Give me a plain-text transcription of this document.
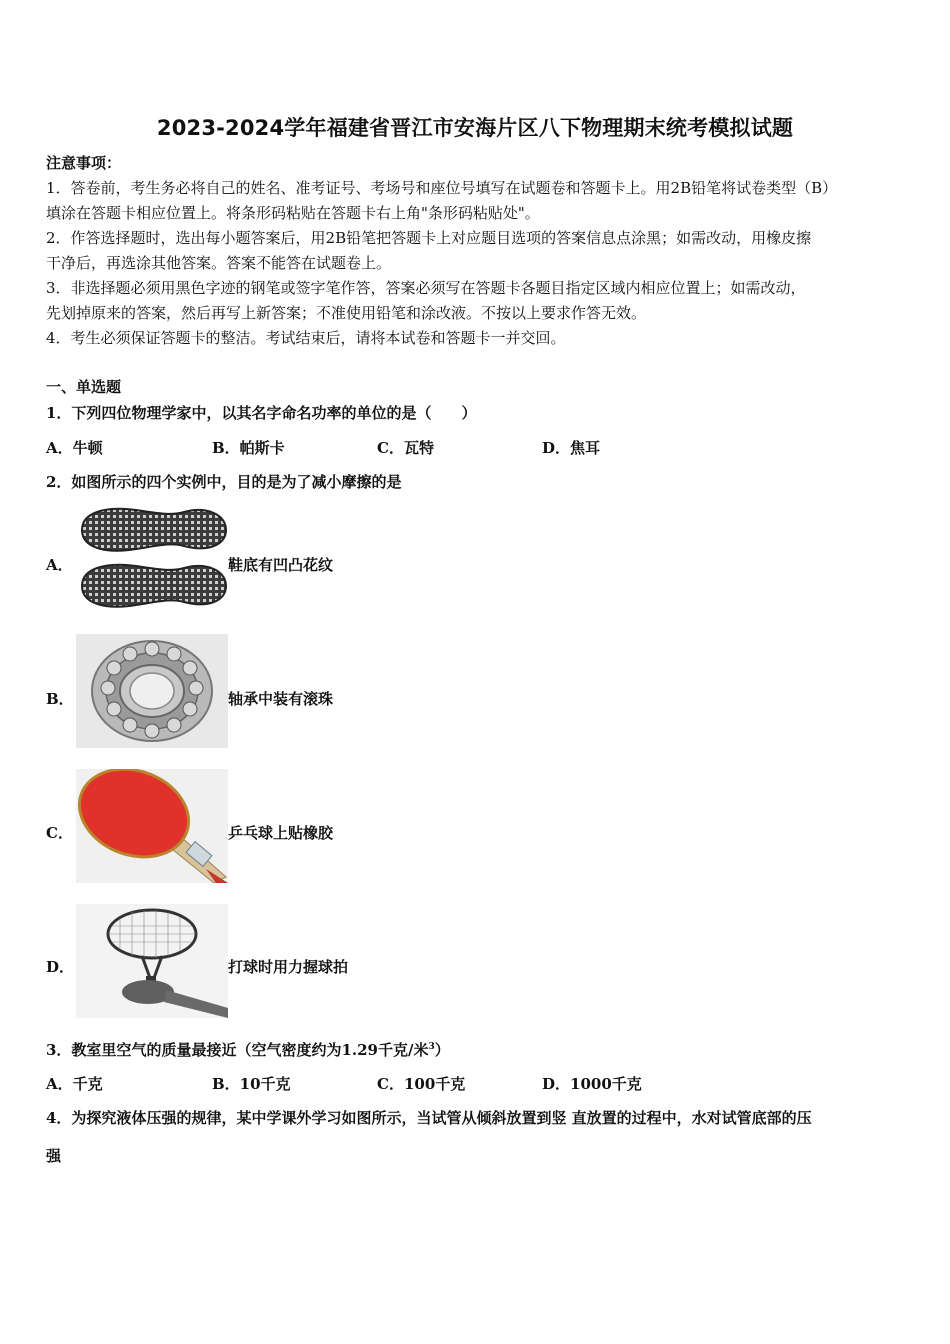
2023-2024学年福建省晋江市安海片区八下物理期末统考模拟试题
注意事项：
1．答卷前，考生务必将自己的姓名、准考证号、考场号和座位号填写在试题卷和答题卡上。用2B铅笔将试卷类型（B）
填涂在答题卡相应位置上。将条形码粘贴在答题卡右上角"条形码粘贴处"。
2．作答选择题时，选出每小题答案后，用2B铅笔把答题卡上对应题目选项的答案信息点涂黑；如需改动，用橡皮擦
干净后，再选涂其他答案。答案不能答在试题卷上。
3．非选择题必须用黑色字迹的钢笔或签字笔作答，答案必须写在答题卡各题目指定区域内相应位置上；如需改动，
先划掉原来的答案，然后再写上新答案；不准使用铅笔和涂改液。不按以上要求作答无效。
4．考生必须保证答题卡的整洁。考试结束后，请将本试卷和答题卡一并交回。
一、单选题
1．下列四位物理学家中，以其名字命名功率的单位的是（　　）
A．牛顿	B．帕斯卡	C．瓦特	D．焦耳
2．如图所示的四个实例中，目的是为了减小摩擦的是
A．	鞋底有凹凸花纹
B．	轴承中装有滚珠
C．	乒乓球上贴橡胶
D．	打球时用力握球拍
3．教室里空气的质量最接近（空气密度约为1.29千克/米$^3$）
A．千克	B．10千克	C．100千克	D．1000千克
4．为探究液体压强的规律，某中学课外学习如图所示，当试管从倾斜放置到竖 直放置的过程中，水对试管底部的压
强
